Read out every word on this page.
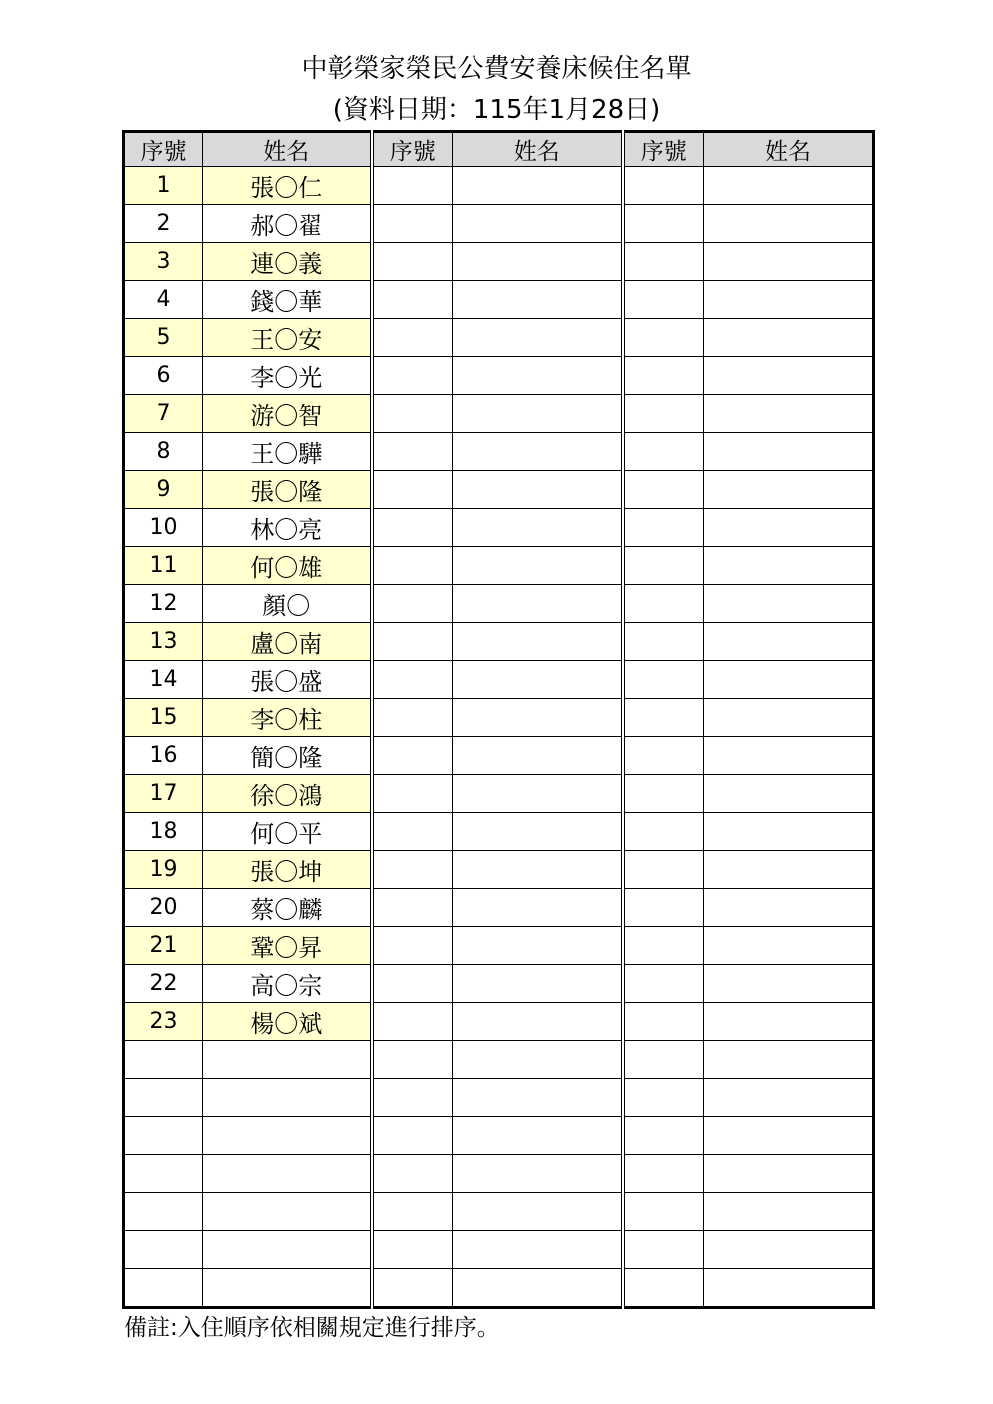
中彰榮家榮民公費安養床候住名單
(資料日期：115年1月28日)
序號	姓名	序號	姓名	序號	姓名
1	張〇仁				
2	郝〇翟				
3	連〇義				
4	錢〇華				
5	王〇安				
6	李〇光				
7	游〇智				
8	王〇驊				
9	張〇隆				
10	林〇亮				
11	何〇雄				
12	顏〇				
13	盧〇南				
14	張〇盛				
15	李〇柱				
16	簡〇隆				
17	徐〇鴻				
18	何〇平				
19	張〇坤				
20	蔡〇麟				
21	鞏〇昇				
22	高〇宗				
23	楊〇斌				

備註:入住順序依相關規定進行排序。
